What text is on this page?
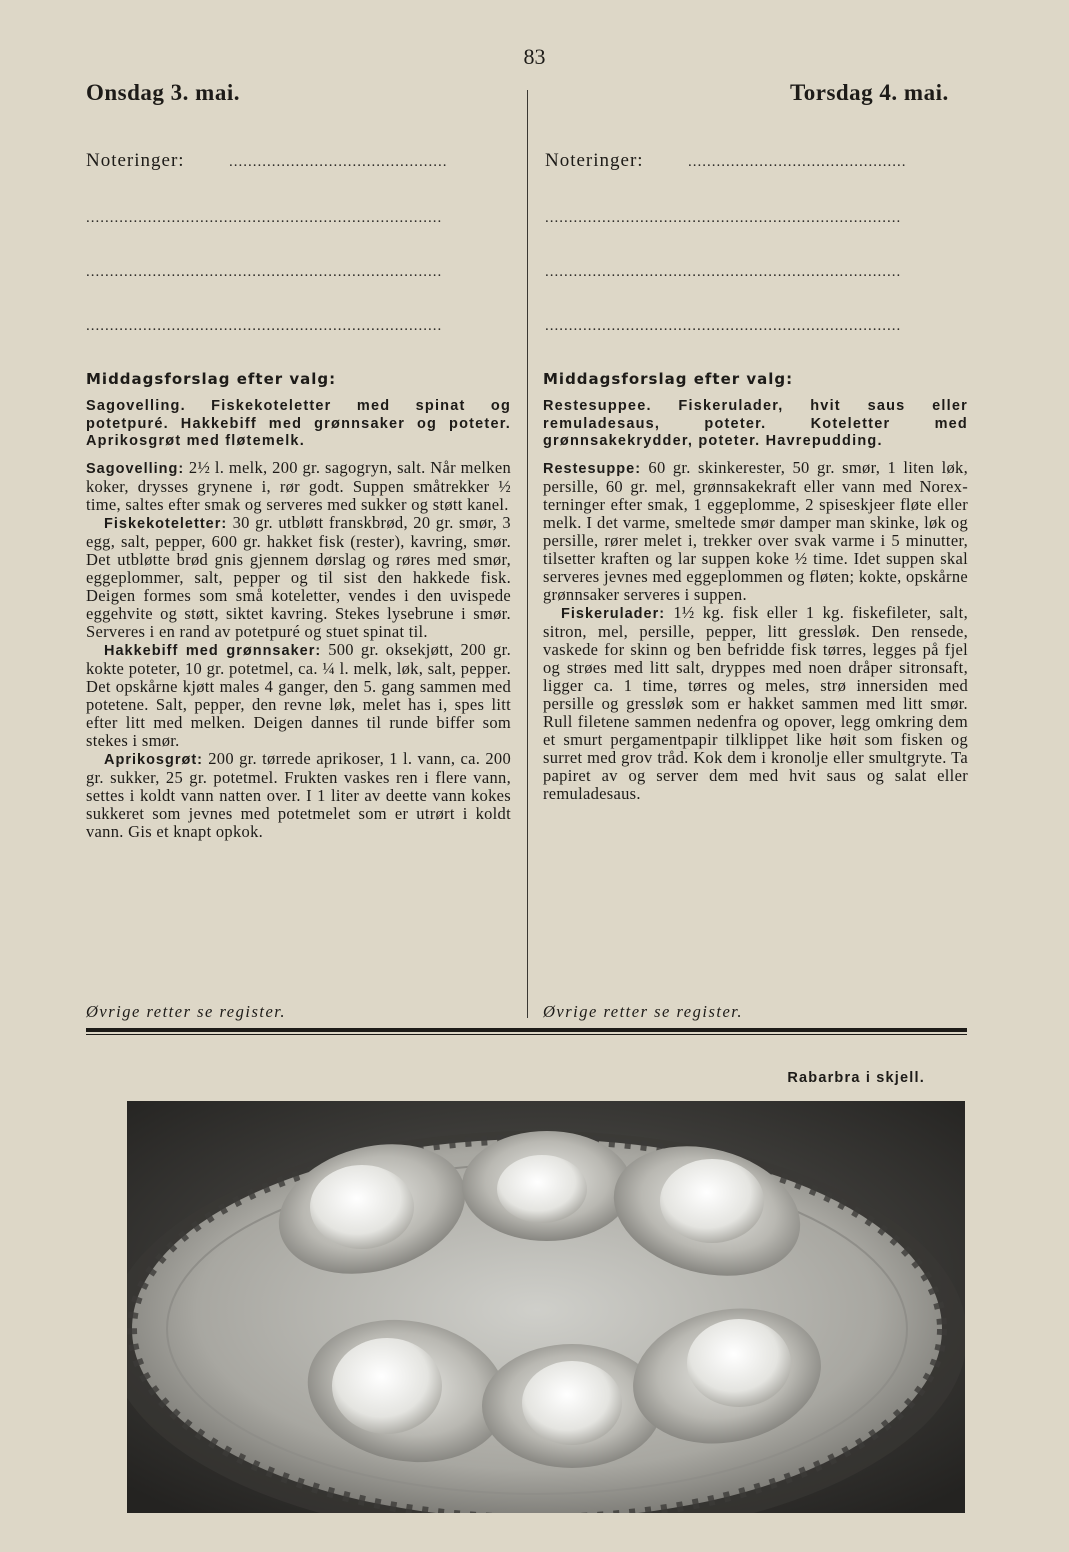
83
Onsdag 3. mai.	Torsdag 4. mai.
Noteringer:	..............................................
...........................................................................
...........................................................................
...........................................................................
Noteringer:	..............................................
...........................................................................
...........................................................................
...........................................................................
Middagsforslag efter valg:
Sagovelling. Fiskekoteletter med spinat og potetpuré. Hakkebiff med grønnsaker og poteter. Aprikosgrøt med fløtemelk.

Sagovelling: 2½ l. melk, 200 gr. sagogryn, salt. Når melken koker, drysses grynene i, rør godt. Suppen småtrekker ½ time, saltes efter smak og serveres med sukker og støtt kanel.

Fiskekoteletter: 30 gr. utbløtt franskbrød, 20 gr. smør, 3 egg, salt, pepper, 600 gr. hakket fisk (rester), kavring, smør. Det utbløtte brød gnis gjennem dørslag og røres med smør, eggeplommer, salt, pepper og til sist den hakkede fisk. Deigen formes som små koteletter, vendes i den uvispede eggehvite og støtt, siktet kavring. Stekes lysebrune i smør. Serveres i en rand av potetpuré og stuet spinat til.

Hakkebiff med grønnsaker: 500 gr. oksekjøtt, 200 gr. kokte poteter, 10 gr. potetmel, ca. ¼ l. melk, løk, salt, pepper. Det opskårne kjøtt males 4 ganger, den 5. gang sammen med potetene. Salt, pepper, den revne løk, melet has i, spes litt efter litt med melken. Deigen dannes til runde biffer som stekes i smør.

Aprikosgrøt: 200 gr. tørrede aprikoser, 1 l. vann, ca. 200 gr. sukker, 25 gr. potetmel. Frukten vaskes ren i flere vann, settes i koldt vann natten over. I 1 liter av deette vann kokes sukkeret som jevnes med potetmelet som er utrørt i koldt vann. Gis et knapt opkok.

Middagsforslag efter valg:
Restesuppee. Fiskerulader, hvit saus eller remuladesaus, poteter. Koteletter med grønnsakekrydder, poteter. Havrepudding.

Restesuppe: 60 gr. skinkerester, 50 gr. smør, 1 liten løk, persille, 60 gr. mel, grønnsakekraft eller vann med Norex-terninger efter smak, 1 eggeplomme, 2 spiseskjeer fløte eller melk. I det varme, smeltede smør damper man skinke, løk og persille, rører melet i, trekker over svak varme i 5 minutter, tilsetter kraften og lar suppen koke ½ time. Idet suppen skal serveres jevnes med eggeplommen og fløten; kokte, opskårne grønnsaker serveres i suppen.

Fiskerulader: 1½ kg. fisk eller 1 kg. fiskefileter, salt, sitron, mel, persille, pepper, litt gressløk. Den rensede, vaskede for skinn og ben befridde fisk tørres, legges på fjel og strøes med litt salt, dryppes med noen dråper sitronsaft, ligger ca. 1 time, tørres og meles, strø innersiden med persille og gressløk som er hakket sammen med litt smør. Rull filetene sammen nedenfra og opover, legg omkring dem et smurt pergamentpapir tilklippet like høit som fisken og surret med grov tråd. Kok dem i kronolje eller smultgryte. Ta papiret av og server dem med hvit saus og salat eller remuladesaus.

Øvrige retter se register.	Øvrige retter se register.
Rabarbra i skjell.
